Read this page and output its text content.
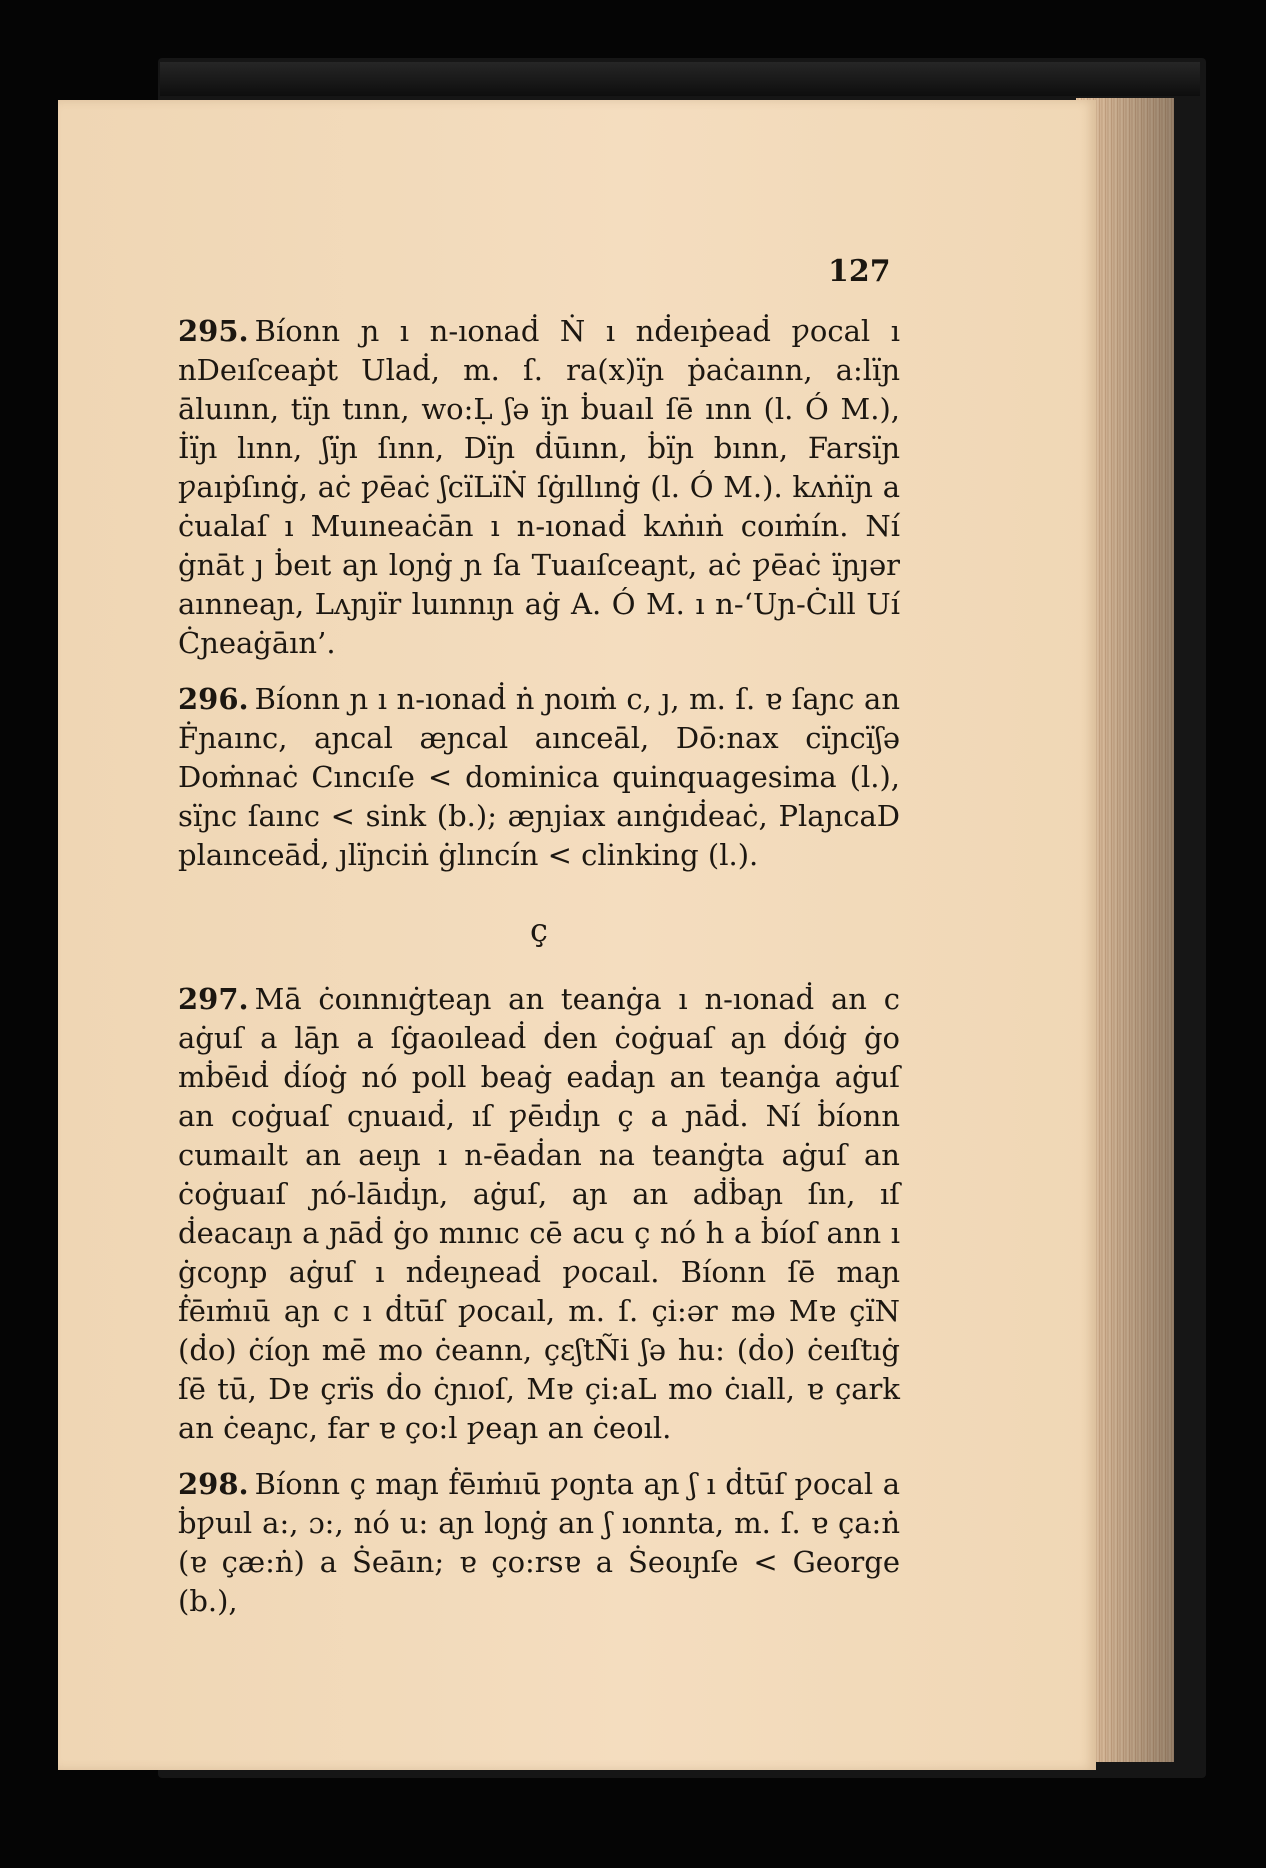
127

295. Bíonn ɲ ı n-ıonaḋ Ṅ ı nḋeıṗeaḋ ƿocal ı nDeıſceaṗt Ulaḋ, m. ſ. ra(x)ïɲ ṗaċaınn, a:lïɲ āluınn, tïɲ tınn, wo:Ḷ ʃə ïɲ ḃuaıl ſē ınn (l. Ó M.), İïɲ lınn, ʃïɲ ſınn, Dïɲ ḋūınn, ḃïɲ bınn, Farsïɲ ƿaıṗſınġ, aċ ƿēaċ ʃcïLïṄ ſġıllınġ (l. Ó M.). kʌṅïɲ a ċualaſ ı Muıneaċān ı n-ıonaḋ kʌṅıṅ coıṁín. Ní ġnāt ȷ ḃeıt aɲ loɲġ ɲ ſa Tuaıſceaɲt, aċ ƿēaċ ïɲȷər aınneaɲ, Lʌɲȷïr luınnıɲ aġ A. Ó M. ı n-‘Uɲ-Ċıll Uí Ċɲeaġāın’.

296. Bíonn ɲ ı n-ıonaḋ ṅ ɲoıṁ c, ȷ, m. ſ. ɐ ſaɲc an Ḟɲaınc, aɲcal æɲcal aınceāl, Dō:nax cïɲcïʃə Doṁnaċ Cıncıſe < dominica quinquagesima (l.), sïɲc ſaınc < sink (b.); æɲȷiax aınġıḋeaċ, PlaɲcaD plaınceāḋ, ȷlïɲciṅ ġlıncín < clinking (l.).

ç

297. Mā ċoınnıġteaɲ an teanġa ı n-ıonaḋ an c aġuſ a lāɲ a ſġaoıleaḋ ḋen ċoġuaſ aɲ ḋóıġ ġo mḃēıḋ ḋíoġ nó poll beaġ eaḋaɲ an teanġa aġuſ an coġuaſ cɲuaıḋ, ıſ ƿēıḋıɲ ç a ɲāḋ. Ní ḃíonn cumaılt an aeıɲ ı n-ēaḋan na teanġta aġuſ an ċoġuaıſ ɲó-lāıḋıɲ, aġuſ, aɲ an aḋḃaɲ ſın, ıſ ḋeacaıɲ a ɲāḋ ġo mınıc cē acu ç nó h a ḃíoſ ann ı ġcoɲp aġuſ ı nḋeıɲeaḋ ƿocaıl. Bíonn ſē maɲ ḟēıṁıū aɲ c ı ḋtūſ ƿocaıl, m. ſ. çi:ər mə Mɐ çïN (ḋo) ċíoɲ mē mo ċeann, çɛʃtÑi ʃə hu: (ḋo) ċeıſtıġ ſē tū, Dɐ çrïs ḋo ċɲıoſ, Mɐ çi:aL mo ċıall, ɐ çark an ċeaɲc, far ɐ ço:l ƿeaɲ an ċeoıl.

298. Bíonn ç maɲ ḟēıṁıū ƿoɲta aɲ ʃ ı ḋtūſ ƿocal a ḃƿuıl a:, ɔ:, nó u: aɲ loɲġ an ʃ ıonnta, m. ſ. ɐ ça:ṅ (ɐ çæ:ṅ) a Ṡeāın; ɐ ço:rsɐ a Ṡeoıɲſe < George (b.),
